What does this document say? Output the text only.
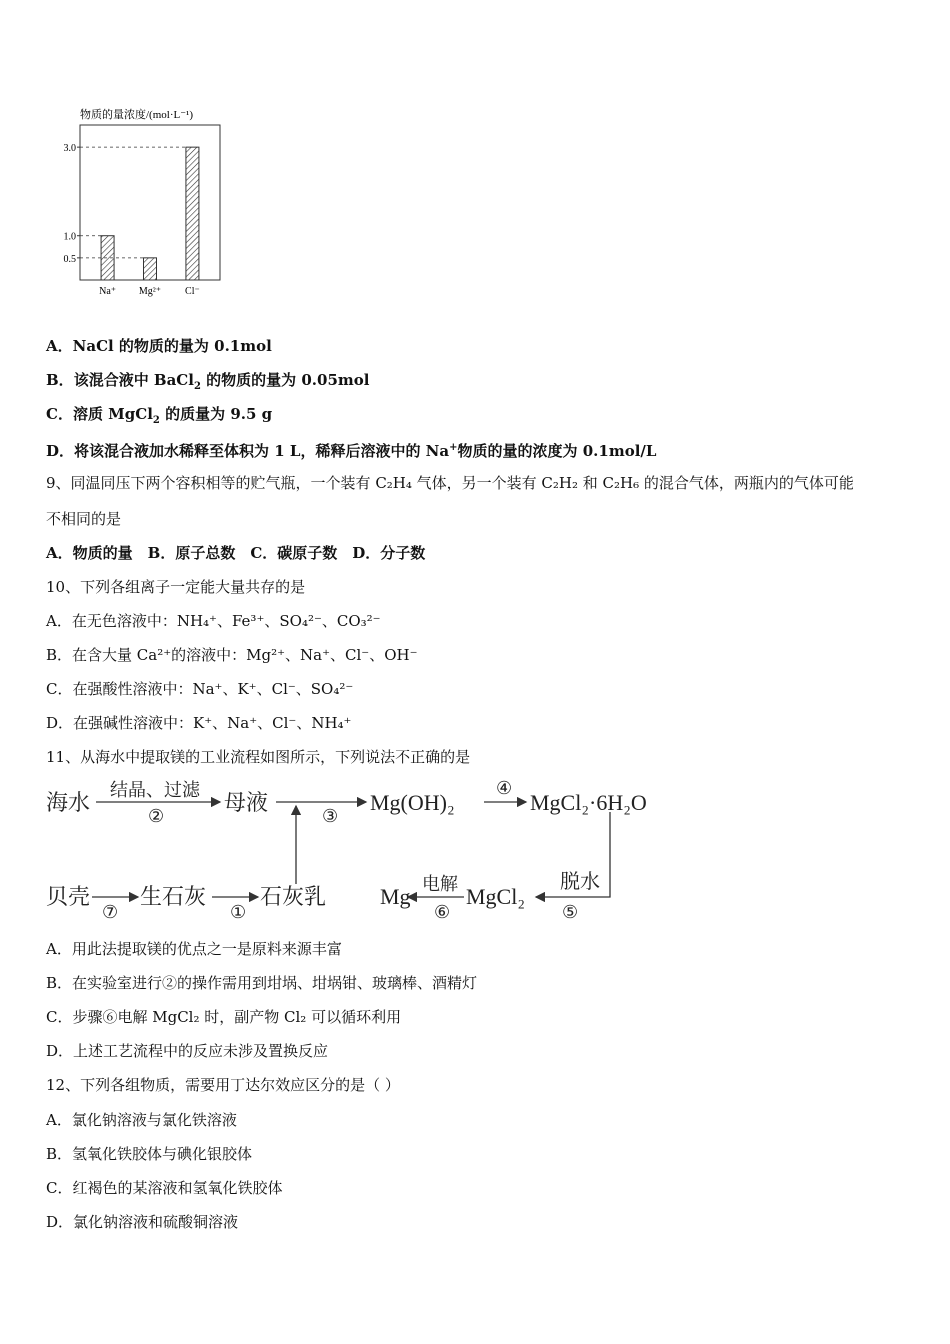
物质的量浓度/(mol·L⁻¹)
0.5
1.0
3.0
Na⁺ Mg²⁺ Cl⁻
A．NaCl 的物质的量为 0.1mol
B．该混合液中 BaCl$_2$ 的物质的量为 0.05mol
C．溶质 MgCl$_2$ 的质量为 9.5 g
D．将该混合液加水稀释至体积为 1 L，稀释后溶液中的 Na+物质的量的浓度为 0.1mol/L
9、同温同压下两个容积相等的贮气瓶，一个装有 C₂H₄ 气体，另一个装有 C₂H₂ 和 C₂H₆ 的混合气体，两瓶内的气体可能
不相同的是
A．物质的量　B．原子总数　C．碳原子数　D．分子数
10、下列各组离子一定能大量共存的是
A．在无色溶液中：NH₄⁺、Fe³⁺、SO₄²⁻、CO₃²⁻
B．在含大量 Ca²⁺的溶液中：Mg²⁺、Na⁺、Cl⁻、OH⁻
C．在强酸性溶液中：Na⁺、K⁺、Cl⁻、SO₄²⁻
D．在强碱性溶液中：K⁺、Na⁺、Cl⁻、NH₄⁺
11、从海水中提取镁的工业流程如图所示，下列说法不正确的是
海水 结晶、过滤
②
母液
③
Mg(OH)₂
④
MgCl₂·6H₂O
贝壳
⑦
生石灰
①
石灰乳 Mg 电解
⑥
MgCl₂
脱水
⑤
A．用此法提取镁的优点之一是原料来源丰富
B．在实验室进行②的操作需用到坩埚、坩埚钳、玻璃棒、酒精灯
C．步骤⑥电解 MgCl₂ 时，副产物 Cl₂ 可以循环利用
D．上述工艺流程中的反应未涉及置换反应
12、下列各组物质，需要用丁达尔效应区分的是（ ）
A．氯化钠溶液与氯化铁溶液
B．氢氧化铁胶体与碘化银胶体
C．红褐色的某溶液和氢氧化铁胶体
D．氯化钠溶液和硫酸铜溶液
